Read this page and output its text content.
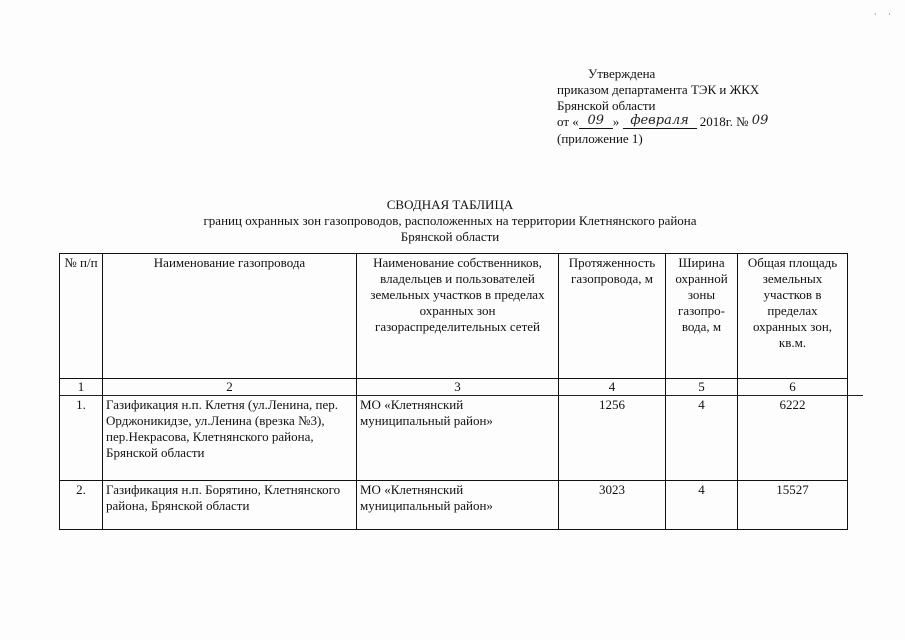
·     ·
Утверждена
приказом департамента ТЭК и ЖКХ
Брянской области
от « 09 » февраля 2018г. № 09
(приложение 1)
СВОДНАЯ ТАБЛИЦА
границ охранных зон газопроводов, расположенных на территории Клетнянского района
Брянской области
№ п/п	Наименование газопровода	Наименование собственников, владельцев и пользователей земельных участков в пределах охранных зон газораспределительных сетей	Протяженность газопровода, м	Ширина охранной зоны газопро-вода, м	Общая площадь земельных участков в пределах охранных зон, кв.м.
1	2	3	4	5	6
1.	Газификация н.п. Клетня (ул.Ленина, пер. Орджоникидзе, ул.Ленина (врезка №3), пер.Некрасова, Клетнянского района, Брянской области	МО «Клетнянский муниципальный район»	1256	4	6222
2.	Газификация н.п. Борятино, Клетнянского района, Брянской области	МО «Клетнянский муниципальный район»	3023	4	15527
